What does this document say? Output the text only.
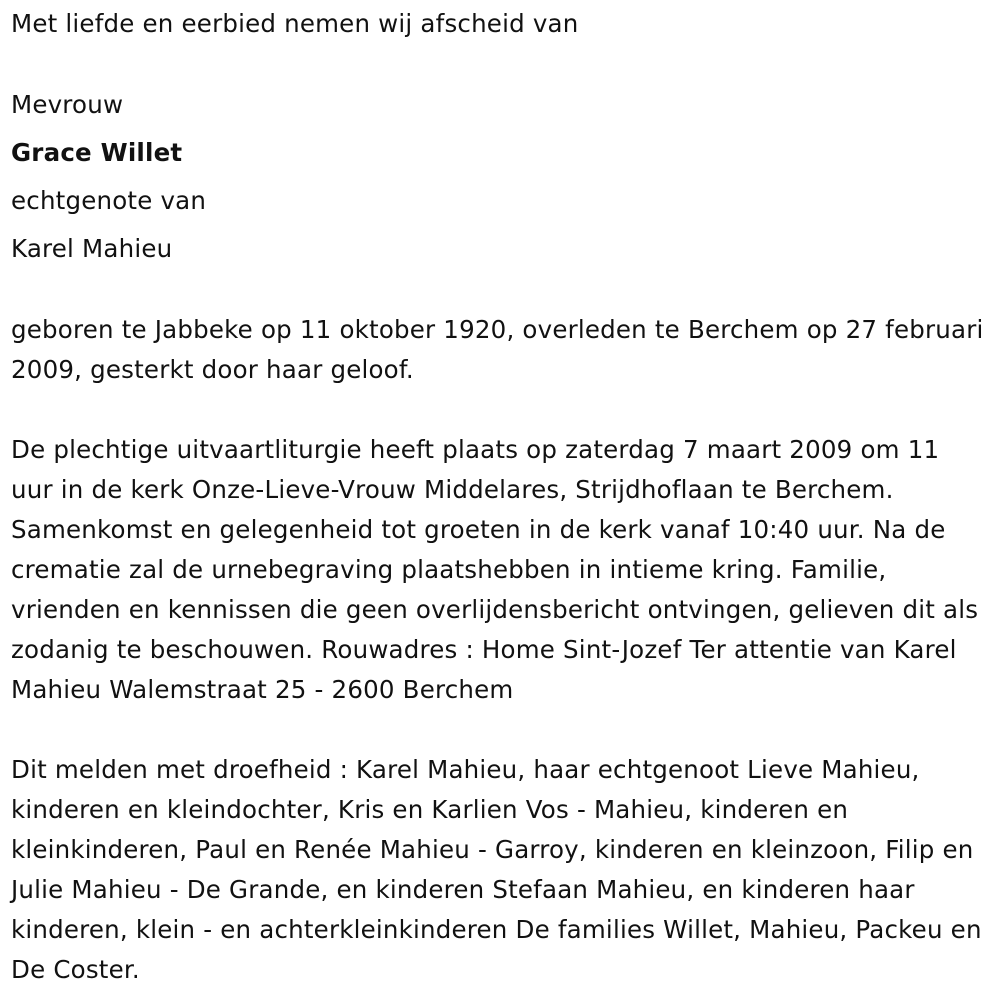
Met liefde en eerbied nemen wij afscheid van

Mevrouw

Grace Willet

echtgenote van

Karel Mahieu

geboren te Jabbeke op 11 oktober 1920, overleden te Berchem op 27 februari 2009, gesterkt door haar geloof.

De plechtige uitvaartliturgie heeft plaats op zaterdag 7 maart 2009 om 11 uur in de kerk Onze-Lieve-Vrouw Middelares, Strijdhoflaan te Berchem. Samenkomst en gelegenheid tot groeten in de kerk vanaf 10:40 uur. Na de crematie zal de urnebegraving plaatshebben in intieme kring. Familie, vrienden en kennissen die geen overlijdensbericht ontvingen, gelieven dit als zodanig te beschouwen. Rouwadres : Home Sint-Jozef Ter attentie van Karel Mahieu Walemstraat 25 - 2600 Berchem

Dit melden met droefheid : Karel Mahieu, haar echtgenoot Lieve Mahieu, kinderen en kleindochter, Kris en Karlien Vos - Mahieu, kinderen en kleinkinderen, Paul en Renée Mahieu - Garroy, kinderen en kleinzoon, Filip en Julie Mahieu - De Grande, en kinderen Stefaan Mahieu, en kinderen haar kinderen, klein - en achterkleinkinderen De families Willet, Mahieu, Packeu en De Coster.
